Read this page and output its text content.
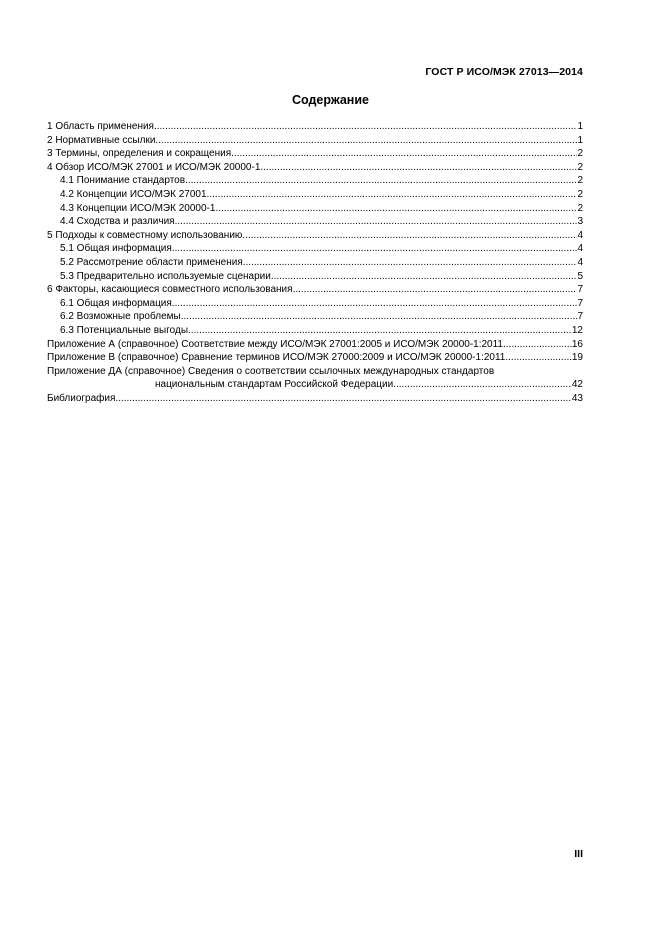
ГОСТ Р ИСО/МЭК 27013—2014
Содержание
1 Область применения .....	1
2 Нормативные ссылки .....	1
3 Термины, определения и сокращения .....	2
4 Обзор ИСО/МЭК 27001 и ИСО/МЭК 20000-1 .....	2
4.1 Понимание стандартов .....	2
4.2 Концепции ИСО/МЭК 27001 .....	2
4.3 Концепции ИСО/МЭК 20000-1 .....	2
4.4 Сходства и различия .....	3
5 Подходы к совместному использованию .....	4
5.1 Общая информация .....	4
5.2 Рассмотрение области применения .....	4
5.3 Предварительно используемые сценарии .....	5
6 Факторы, касающиеся совместного использования .....	7
6.1 Общая информация .....	7
6.2 Возможные проблемы .....	7
6.3 Потенциальные выгоды .....	12
Приложение А (справочное) Соответствие между ИСО/МЭК 27001:2005 и ИСО/МЭК 20000-1:2011 .....	16
Приложение В (справочное) Сравнение терминов ИСО/МЭК 27000:2009 и ИСО/МЭК 20000-1:2011 .....	19
Приложение ДА (справочное) Сведения о соответствии ссылочных международных стандартов
национальным стандартам Российской Федерации .....	42
Библиография .....	43
III
